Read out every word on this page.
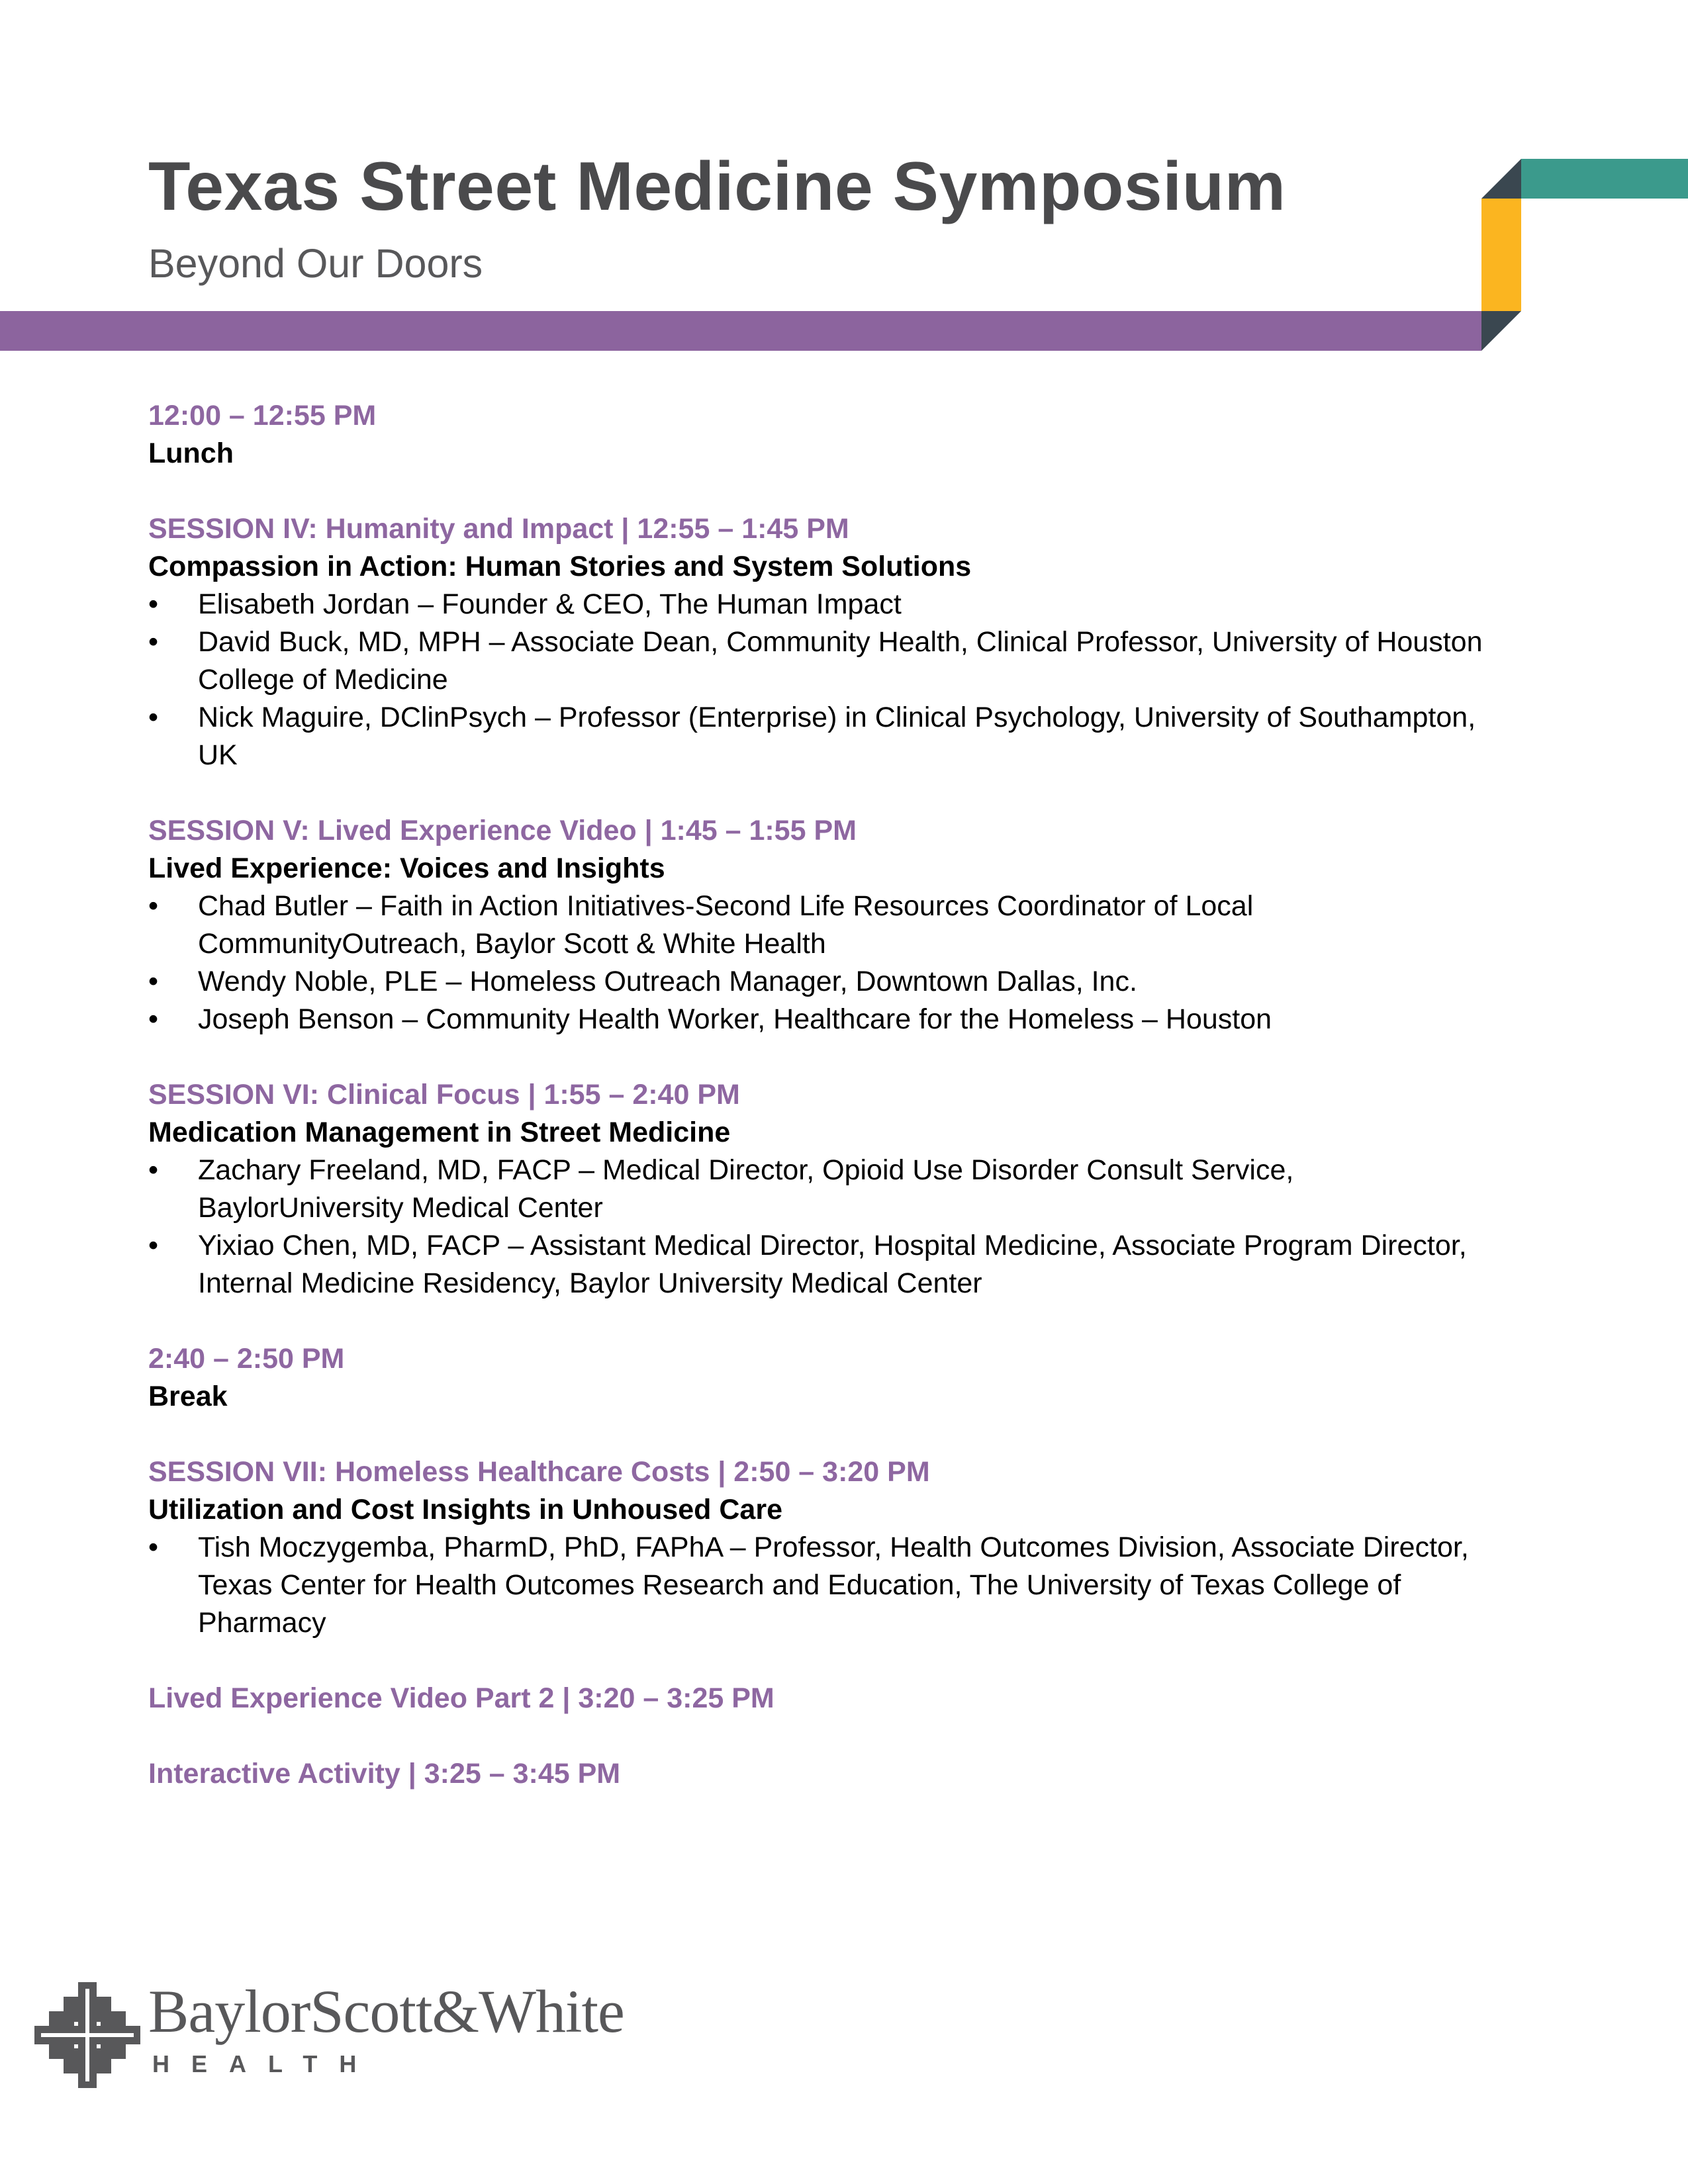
Texas Street Medicine Symposium
Beyond Our Doors
12:00 – 12:55 PM
Lunch
SESSION IV: Humanity and Impact | 12:55 – 1:45 PM
Compassion in Action: Human Stories and System Solutions
• Elisabeth Jordan – Founder & CEO, The Human Impact
• David Buck, MD, MPH – Associate Dean, Community Health, Clinical Professor, University of Houston College of Medicine
• Nick Maguire, DClinPsych – Professor (Enterprise) in Clinical Psychology, University of Southampton, UK
SESSION V: Lived Experience Video | 1:45 – 1:55 PM
Lived Experience: Voices and Insights
• Chad Butler – Faith in Action Initiatives-Second Life Resources Coordinator of Local CommunityOutreach, Baylor Scott & White Health
• Wendy Noble, PLE – Homeless Outreach Manager, Downtown Dallas, Inc.
• Joseph Benson – Community Health Worker, Healthcare for the Homeless – Houston
SESSION VI: Clinical Focus | 1:55 – 2:40 PM
Medication Management in Street Medicine
• Zachary Freeland, MD, FACP – Medical Director, Opioid Use Disorder Consult Service, BaylorUniversity Medical Center
• Yixiao Chen, MD, FACP – Assistant Medical Director, Hospital Medicine, Associate Program Director, Internal Medicine Residency, Baylor University Medical Center
2:40 – 2:50 PM
Break
SESSION VII: Homeless Healthcare Costs | 2:50 – 3:20 PM
Utilization and Cost Insights in Unhoused Care
• Tish Moczygemba, PharmD, PhD, FAPhA – Professor, Health Outcomes Division, Associate Director, Texas Center for Health Outcomes Research and Education, The University of Texas College of Pharmacy
Lived Experience Video Part 2 | 3:20 – 3:25 PM
Interactive Activity | 3:25 – 3:45 PM
BaylorScott&White
HEALTH
